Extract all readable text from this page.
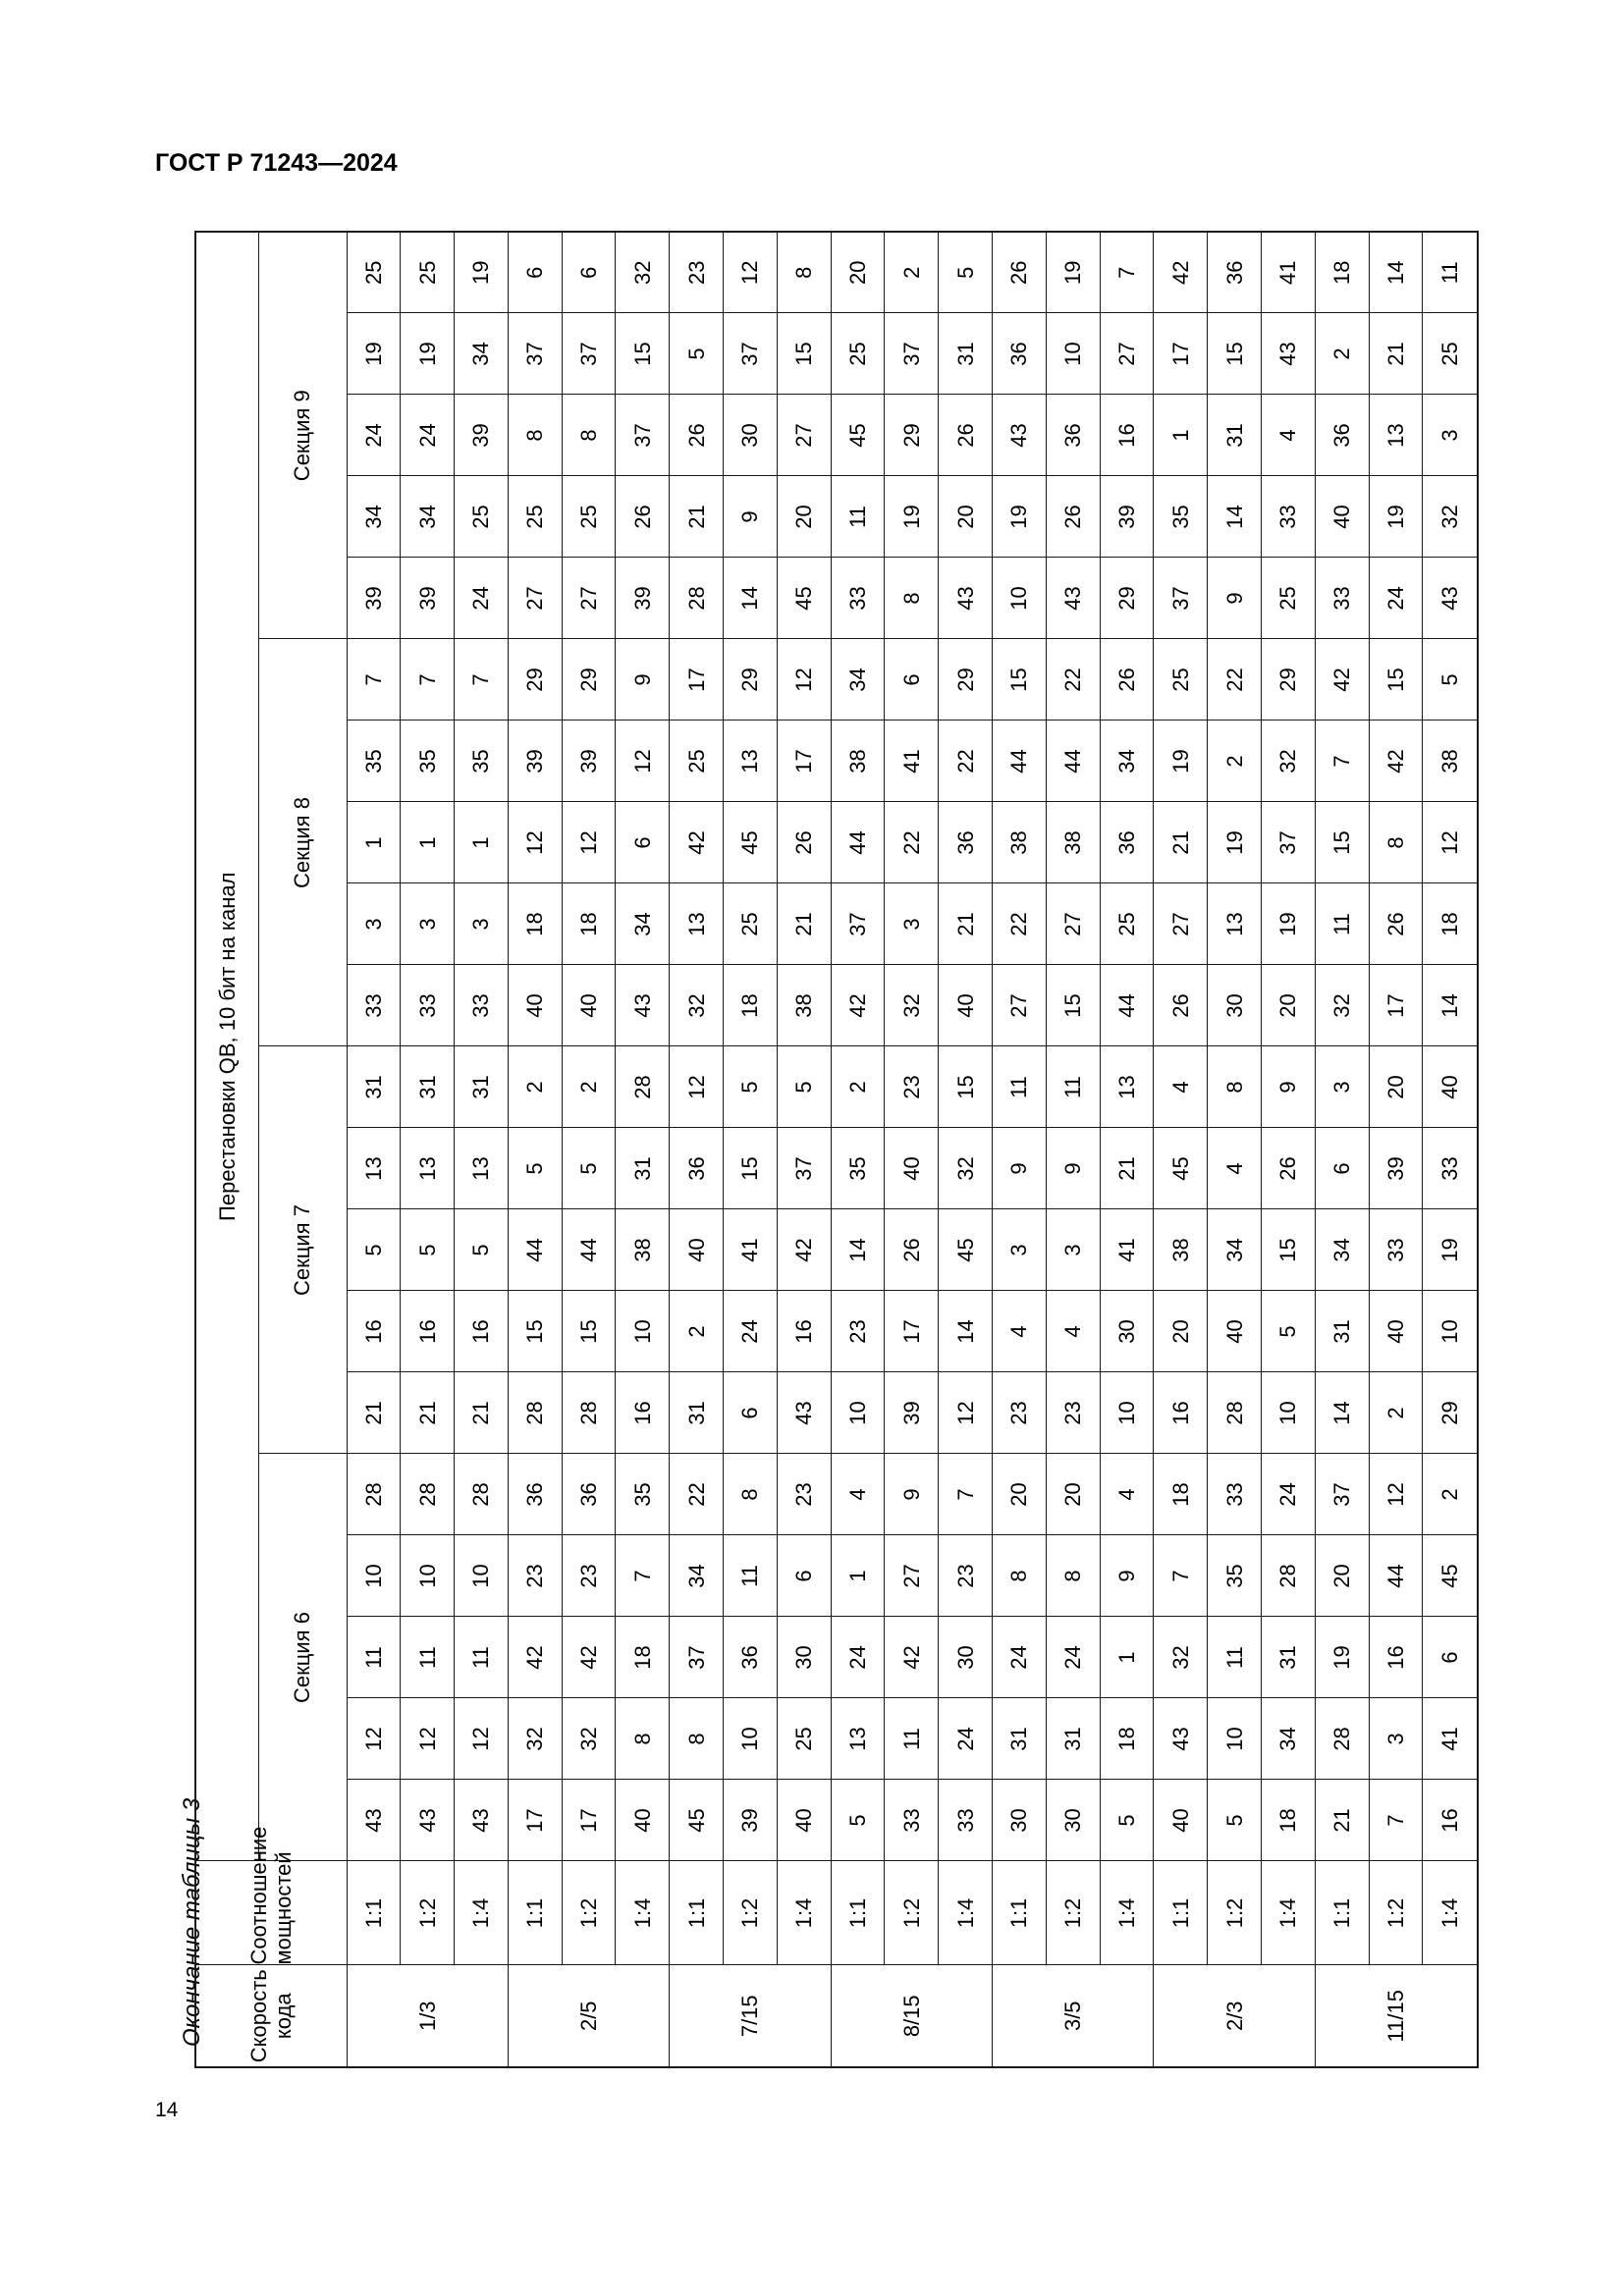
ГОСТ Р 71243—2024
Окончание таблицы 3
14
Скорость кода	Соотношение мощностей	Перестановки QB, 10 бит на канал																			
		Секция 6					Секция 7					Секция 8					Секция 9				
1/3	1:1	43	12	11	10	28	21	16	5	13	31	33	3	1	35	7	39	34	24	19	25
	1:2	43	12	11	10	28	21	16	5	13	31	33	3	1	35	7	39	34	24	19	25
	1:4	43	12	11	10	28	21	16	5	13	31	33	3	1	35	7	24	25	39	34	19
2/5	1:1	17	32	42	23	36	28	15	44	5	2	40	18	12	39	29	27	25	8	37	6
	1:2	17	32	42	23	36	28	15	44	5	2	40	18	12	39	29	27	25	8	37	6
	1:4	40	8	18	7	35	16	10	38	31	28	43	34	6	12	9	39	26	37	15	32
7/15	1:1	45	8	37	34	22	31	2	40	36	12	32	13	42	25	17	28	21	26	5	23
	1:2	39	10	36	11	8	6	24	41	15	5	18	25	45	13	29	14	9	30	37	12
	1:4	40	25	30	6	23	43	16	42	37	5	38	21	26	17	12	45	20	27	15	8
8/15	1:1	5	13	24	1	4	10	23	14	35	2	42	37	44	38	34	33	11	45	25	20
	1:2	33	11	42	27	9	39	17	26	40	23	32	3	22	41	6	8	19	29	37	2
	1:4	33	24	30	23	7	12	14	45	32	15	40	21	36	22	29	43	20	26	31	5
3/5	1:1	30	31	24	8	20	23	4	3	9	11	27	22	38	44	15	10	19	43	36	26
	1:2	30	31	24	8	20	23	4	3	9	11	15	27	38	44	22	43	26	36	10	19
	1:4	5	18	1	9	4	10	30	41	21	13	44	25	36	34	26	29	39	16	27	7
2/3	1:1	40	43	32	7	18	16	20	38	45	4	26	27	21	19	25	37	35	1	17	42
	1:2	5	10	11	35	33	28	40	34	4	8	30	13	19	2	22	9	14	31	15	36
	1:4	18	34	31	28	24	10	5	15	26	9	20	19	37	32	29	25	33	4	43	41
11/15	1:1	21	28	19	20	37	14	31	34	6	3	32	11	15	7	42	33	40	36	2	18
	1:2	7	3	16	44	12	2	40	33	39	20	17	26	8	42	15	24	19	13	21	14
	1:4	16	41	6	45	2	29	10	19	33	40	14	18	12	38	5	43	32	3	25	11
